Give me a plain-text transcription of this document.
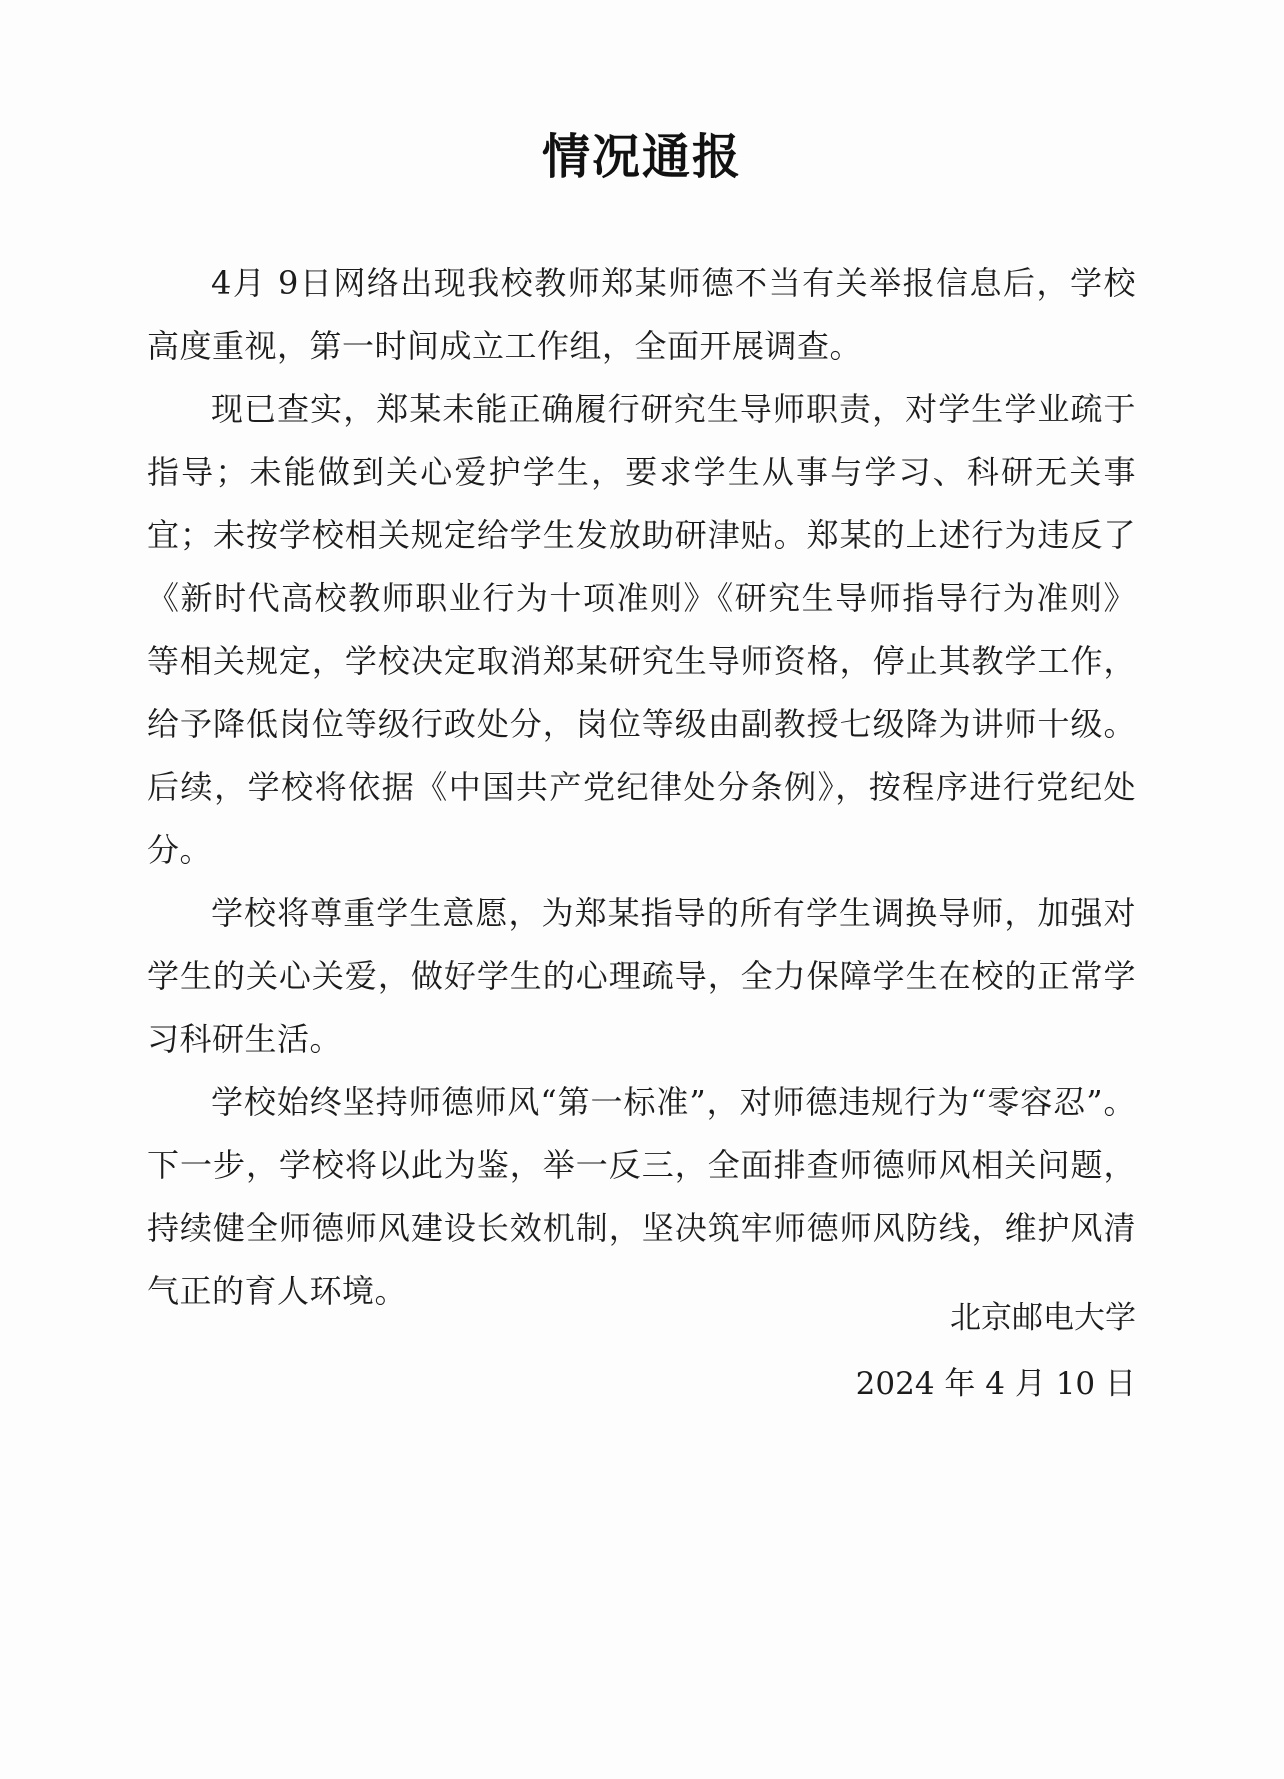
情况通报

4月 9日网络出现我校教师郑某师德不当有关举报信息后，学校高度重视，第一时间成立工作组，全面开展调查。

现已查实，郑某未能正确履行研究生导师职责，对学生学业疏于指导；未能做到关心爱护学生，要求学生从事与学习、科研无关事宜；未按学校相关规定给学生发放助研津贴。郑某的上述行为违反了《新时代高校教师职业行为十项准则》《研究生导师指导行为准则》等相关规定，学校决定取消郑某研究生导师资格，停止其教学工作，给予降低岗位等级行政处分，岗位等级由副教授七级降为讲师十级。后续，学校将依据《中国共产党纪律处分条例》，按程序进行党纪处分。

学校将尊重学生意愿，为郑某指导的所有学生调换导师，加强对学生的关心关爱，做好学生的心理疏导，全力保障学生在校的正常学习科研生活。

学校始终坚持师德师风“第一标准”，对师德违规行为“零容忍”。下一步，学校将以此为鉴，举一反三，全面排查师德师风相关问题，持续健全师德师风建设长效机制，坚决筑牢师德师风防线，维护风清气正的育人环境。

北京邮电大学
2024 年 4 月 10 日
